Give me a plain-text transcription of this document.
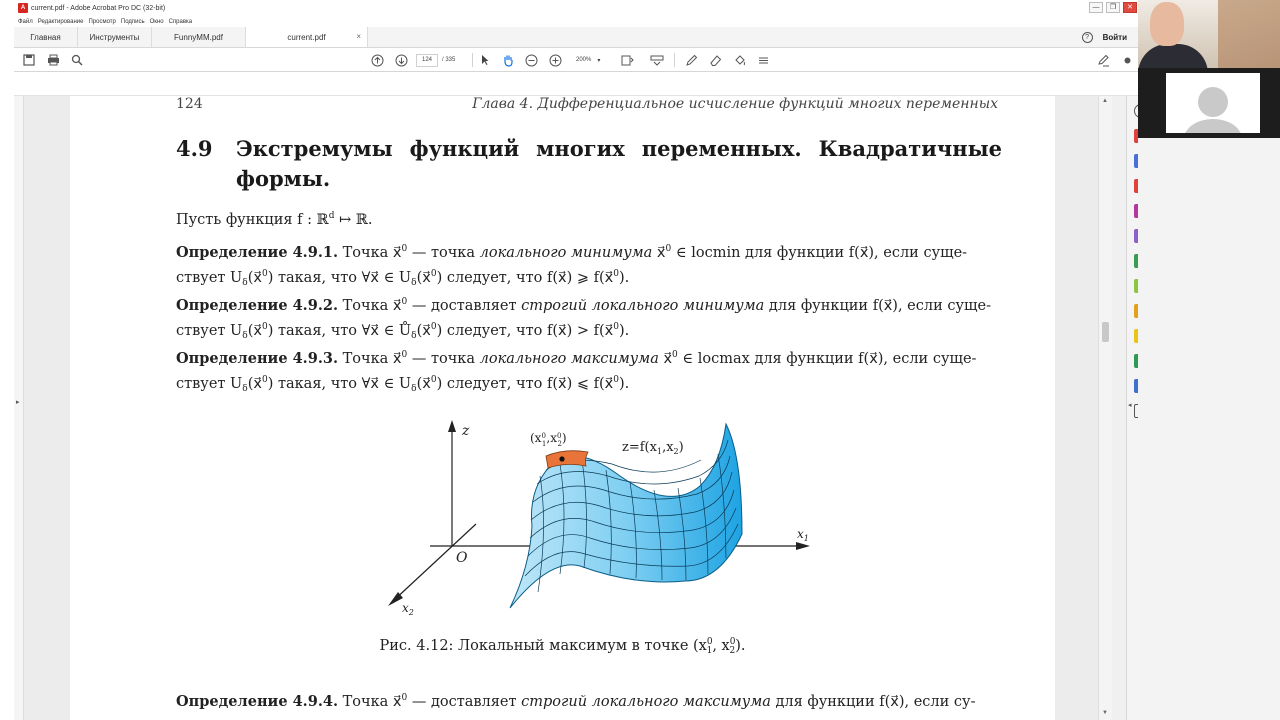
A current.pdf - Adobe Acrobat Pro DC (32-bit)	—	❐	✕
Файл Редактирование Просмотр Подпись Окно Справка
Главная	Инструменты	FunnyMM.pdf	current.pdf	×	?	Войти
124	/ 335	200% ▾
▸
124	Глава 4. Дифференциальное исчисление функций многих переменных
4.9 Экстремумы функций многих переменных. Квадратичные формы.
Пусть функция f : ℝ$^d$ ↦ ℝ.
Определение 4.9.1. Точка x⃗$^0$ — точка локального минимума x⃗$^0$ ∈ locmin для функции f(x⃗), если суще-
ствует $U_\delta(x⃗^0)$ такая, что ∀x⃗ ∈ $U_\delta(x⃗^0)$ следует, что f(x⃗) ⩾ f(x⃗$^0$).
Определение 4.9.2. Точка x⃗$^0$ — доставляет строгий локального минимума для функции f(x⃗), если суще-
ствует $U_\delta(x⃗^0)$ такая, что ∀x⃗ ∈ $Ů_\delta(x⃗^0)$ следует, что f(x⃗) > f(x⃗$^0$).
Определение 4.9.3. Точка x⃗$^0$ — точка локального максимума x⃗$^0$ ∈ locmax для функции f(x⃗), если суще-
ствует $U_\delta(x⃗^0)$ такая, что ∀x⃗ ∈ $U_\delta(x⃗^0)$ следует, что f(x⃗) ⩽ f(x⃗$^0$).
z
O
$x_1$
$x_2$
($x^0$ $1,x^0$ 2)
$z=f(x_1,x_2)$
Рис. 4.12: Локальный максимум в точке ($x^0_1$, $x^0_2$).
Определение 4.9.4. Точка x⃗$^0$ — доставляет строгий локального максимума для функции f(x⃗), если су-
▲
▼
◂
